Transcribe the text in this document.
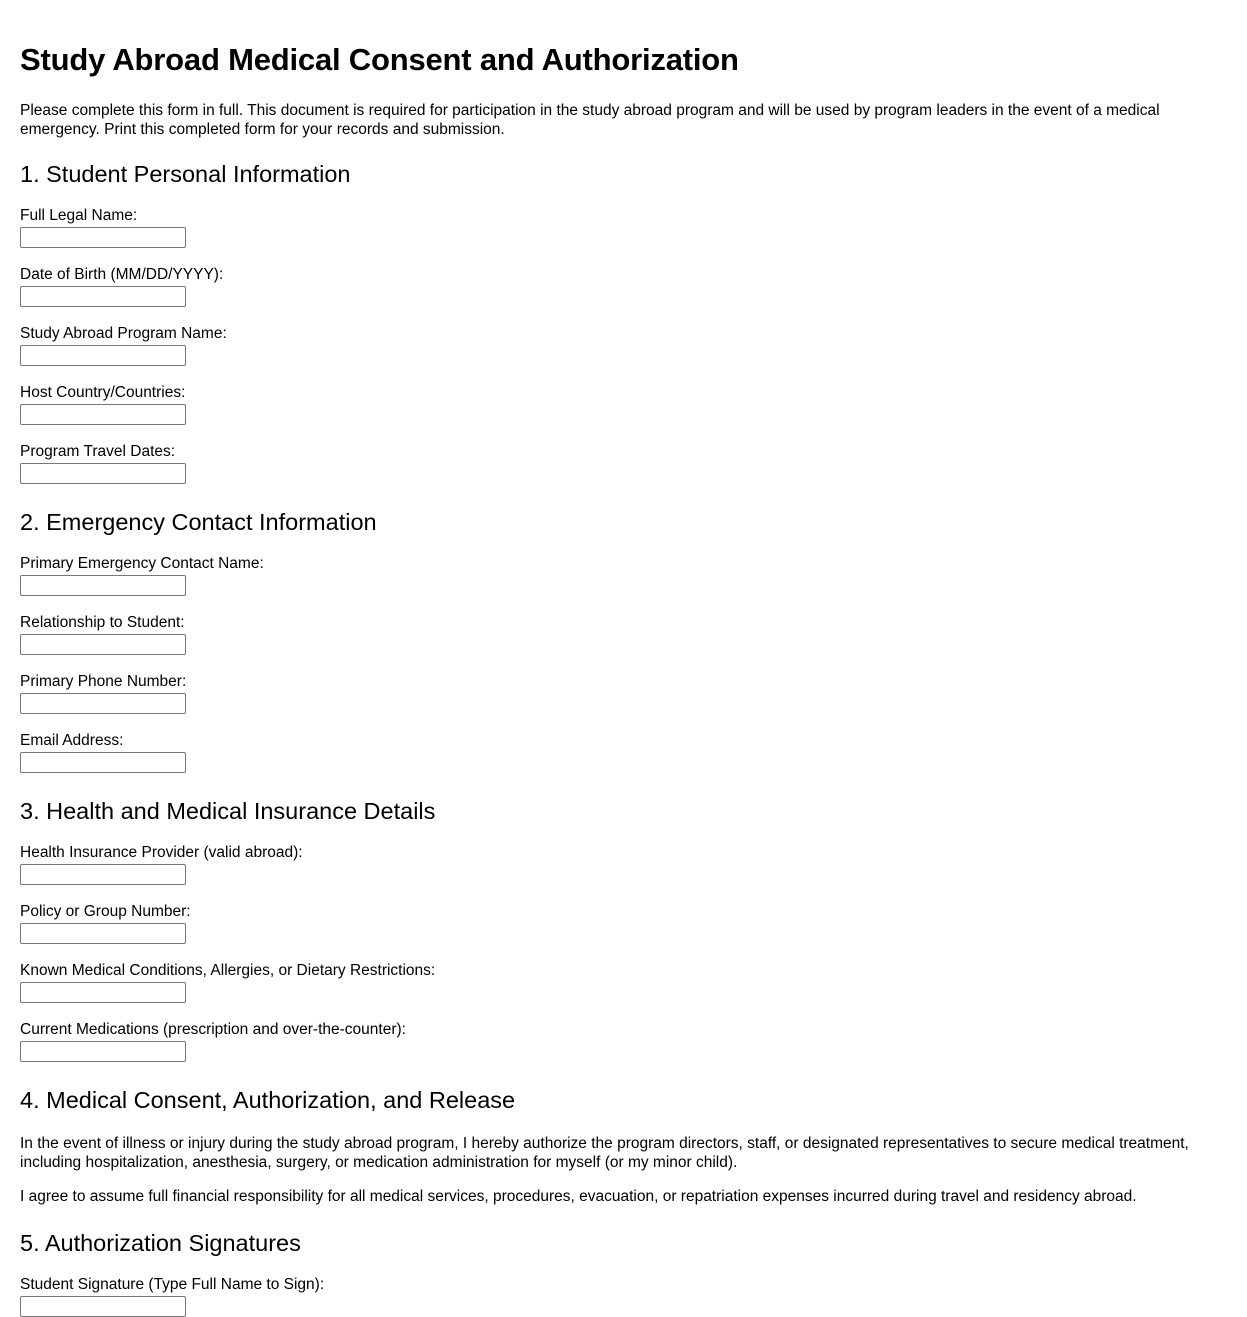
Study Abroad Medical Consent and Authorization

Please complete this form in full. This document is required for participation in the study abroad program and will be used by program leaders in the event of a medical emergency. Print this completed form for your records and submission.

1. Student Personal Information
Full Legal Name:
Date of Birth (MM/DD/YYYY):
Study Abroad Program Name:
Host Country/Countries:
Program Travel Dates:
2. Emergency Contact Information
Primary Emergency Contact Name:
Relationship to Student:
Primary Phone Number:
Email Address:
3. Health and Medical Insurance Details
Health Insurance Provider (valid abroad):
Policy or Group Number:
Known Medical Conditions, Allergies, or Dietary Restrictions:
Current Medications (prescription and over-the-counter):
4. Medical Consent, Authorization, and Release

In the event of illness or injury during the study abroad program, I hereby authorize the program directors, staff, or designated representatives to secure medical treatment, including hospitalization, anesthesia, surgery, or medication administration for myself (or my minor child).

I agree to assume full financial responsibility for all medical services, procedures, evacuation, or repatriation expenses incurred during travel and residency abroad.

5. Authorization Signatures
Student Signature (Type Full Name to Sign):
